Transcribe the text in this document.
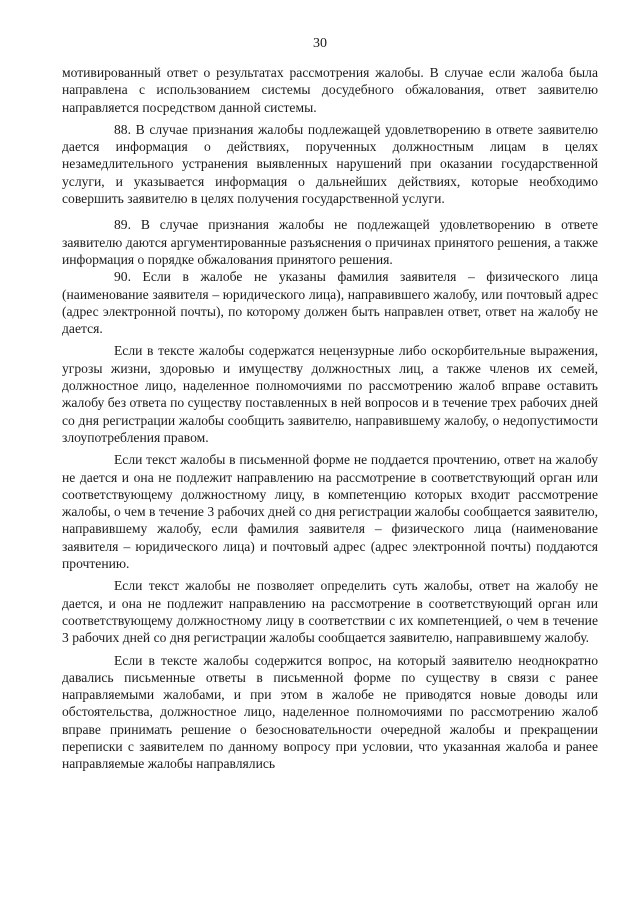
30

мотивированный ответ о результатах рассмотрения жалобы. В случае если жалоба была направлена с использованием системы досудебного обжалования, ответ заявителю направляется посредством данной системы.

88. В случае признания жалобы подлежащей удовлетворению в ответе заявителю дается информация о действиях, порученных должностным лицам в целях незамедлительного устранения выявленных нарушений при оказании государственной услуги, и указывается информация о дальнейших действиях, которые необходимо совершить заявителю в целях получения государственной услуги.

89. В случае признания жалобы не подлежащей удовлетворению в ответе заявителю даются аргументированные разъяснения о причинах принятого решения, а также информация о порядке обжалования принятого решения.

90. Если в жалобе не указаны фамилия заявителя – физического лица (наименование заявителя – юридического лица), направившего жалобу, или почтовый адрес (адрес электронной почты), по которому должен быть направлен ответ, ответ на жалобу не дается.

Если в тексте жалобы содержатся нецензурные либо оскорбительные выражения, угрозы жизни, здоровью и имуществу должностных лиц, а также членов их семей, должностное лицо, наделенное полномочиями по рассмотрению жалоб вправе оставить жалобу без ответа по существу поставленных в ней вопросов и в течение трех рабочих дней со дня регистрации жалобы сообщить заявителю, направившему жалобу, о недопустимости злоупотребления правом.

Если текст жалобы в письменной форме не поддается прочтению, ответ на жалобу не дается и она не подлежит направлению на рассмотрение в соответствующий орган или соответствующему должностному лицу, в компетенцию которых входит рассмотрение жалобы, о чем в течение 3 рабочих дней со дня регистрации жалобы сообщается заявителю, направившему жалобу, если фамилия заявителя – физического лица (наименование заявителя – юридического лица) и почтовый адрес (адрес электронной почты) поддаются прочтению.

Если текст жалобы не позволяет определить суть жалобы, ответ на жалобу не дается, и она не подлежит направлению на рассмотрение в соответствующий орган или соответствующему должностному лицу в соответствии с их компетенцией, о чем в течение 3 рабочих дней со дня регистрации жалобы сообщается заявителю, направившему жалобу.

Если в тексте жалобы содержится вопрос, на который заявителю неоднократно давались письменные ответы в письменной форме по существу в связи с ранее направляемыми жалобами, и при этом в жалобе не приводятся новые доводы или обстоятельства, должностное лицо, наделенное полномочиями по рассмотрению жалоб вправе принимать решение о безосновательности очередной жалобы и прекращении переписки с заявителем по данному вопросу при условии, что указанная жалоба и ранее направляемые жалобы направлялись
